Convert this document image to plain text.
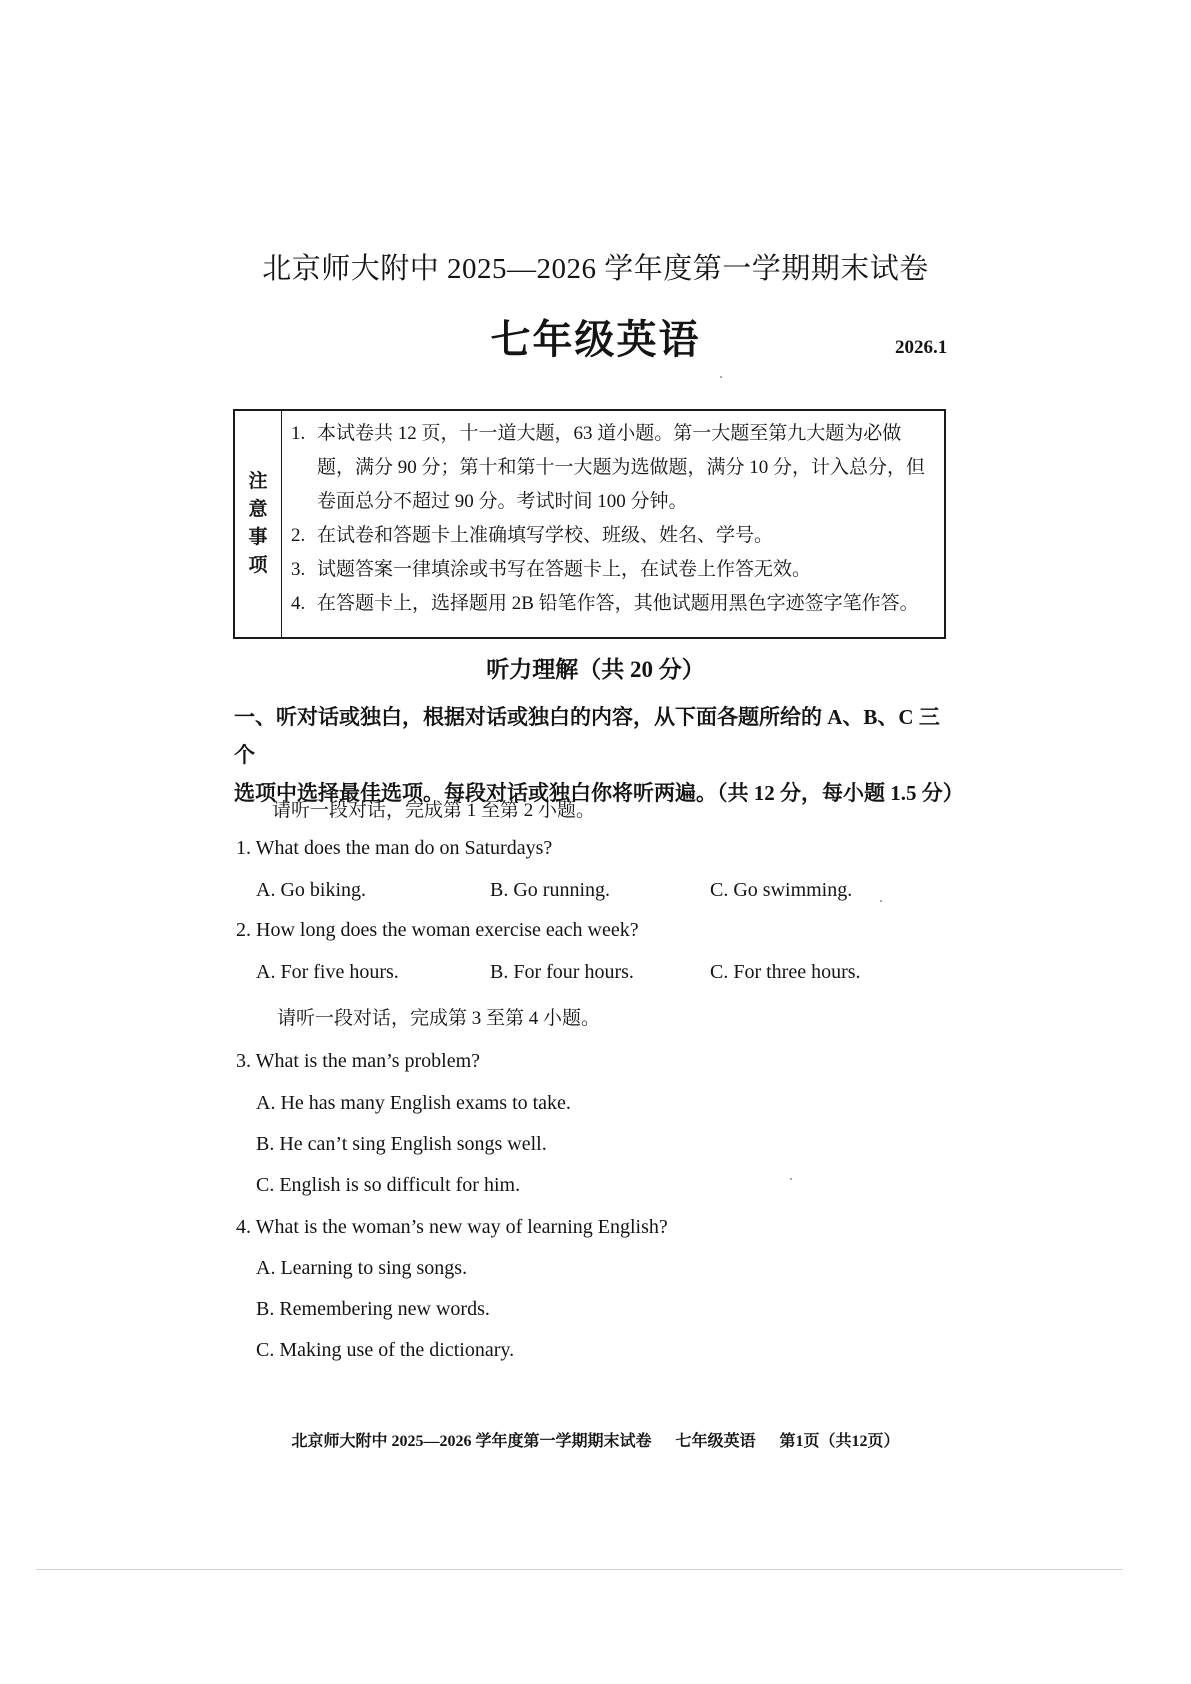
北京师大附中 2025—2026 学年度第一学期期末试卷
七年级英语	2026.1
注
意
事
项
1. 本试卷共 12 页，十一道大题，63 道小题。第一大题至第九大题为必做题，满分 90 分；第十和第十一大题为选做题，满分 10 分，计入总分，但卷面总分不超过 90 分。考试时间 100 分钟。
2. 在试卷和答题卡上准确填写学校、班级、姓名、学号。
3. 试题答案一律填涂或书写在答题卡上，在试卷上作答无效。
4. 在答题卡上，选择题用 2B 铅笔作答，其他试题用黑色字迹签字笔作答。
听力理解（共 20 分）
一、听对话或独白，根据对话或独白的内容，从下面各题所给的 A、B、C 三个
选项中选择最佳选项。每段对话或独白你将听两遍。（共 12 分，每小题 1.5 分）
请听一段对话，完成第 1 至第 2 小题。
1. What does the man do on Saturdays?
A. Go biking.	B. Go running.	C. Go swimming.
2. How long does the woman exercise each week?
A. For five hours.	B. For four hours.	C. For three hours.
请听一段对话，完成第 3 至第 4 小题。
3. What is the man’s problem?
A. He has many English exams to take.
B. He can’t sing English songs well.
C. English is so difficult for him.
4. What is the woman’s new way of learning English?
A. Learning to sing songs.
B. Remembering new words.
C. Making use of the dictionary.
北京师大附中 2025—2026 学年度第一学期期末试卷 七年级英语 第1页（共12页）
